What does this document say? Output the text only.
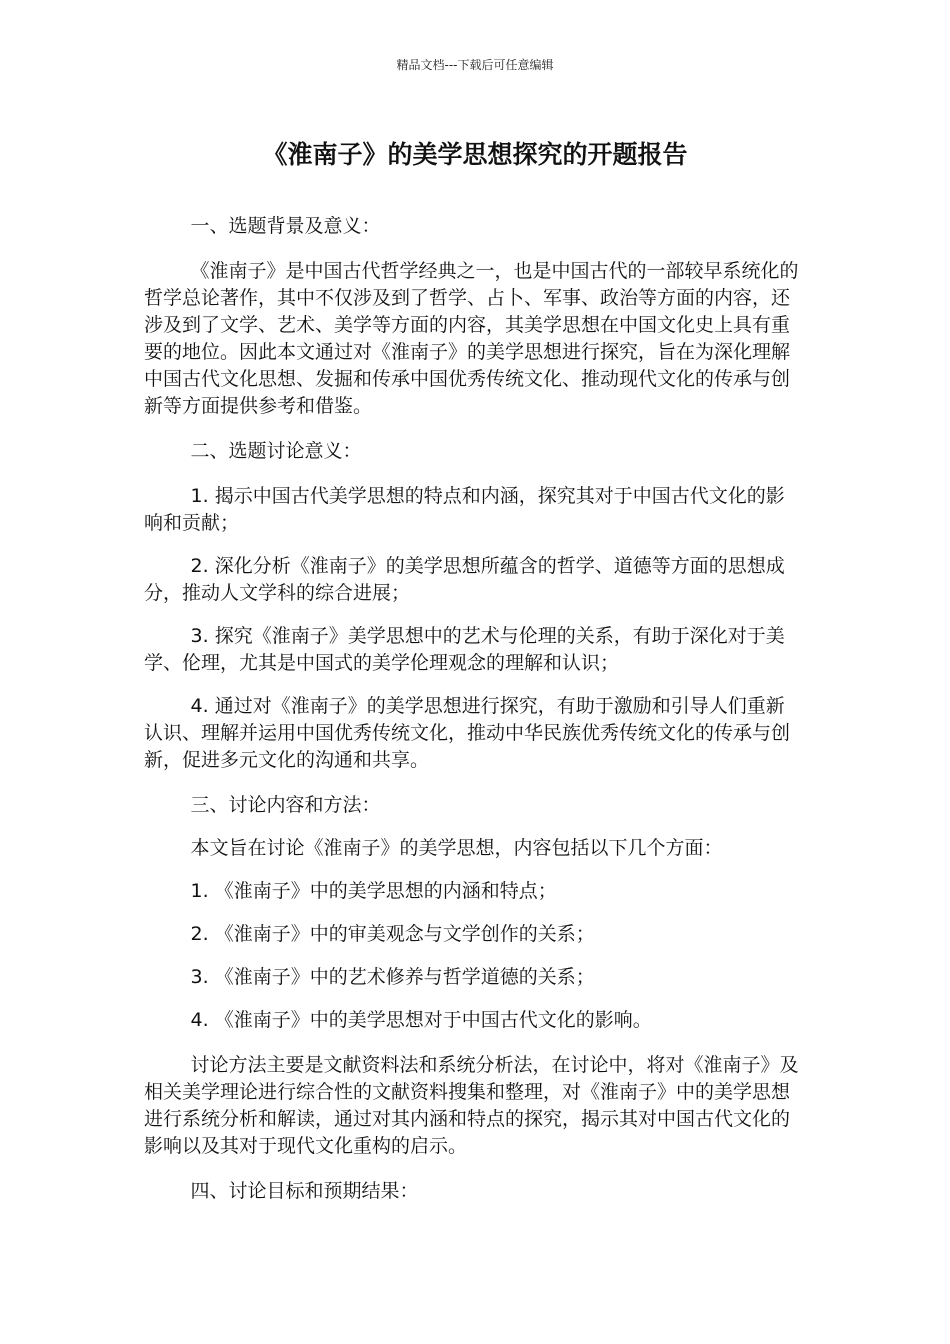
精品文档---下载后可任意编辑
《淮南子》的美学思想探究的开题报告

一、选题背景及意义：

《淮南子》是中国古代哲学经典之一，也是中国古代的一部较早系统化的哲学总论著作，其中不仅涉及到了哲学、占卜、军事、政治等方面的内容，还涉及到了文学、艺术、美学等方面的内容，其美学思想在中国文化史上具有重要的地位。因此本文通过对《淮南子》的美学思想进行探究，旨在为深化理解中国古代文化思想、发掘和传承中国优秀传统文化、推动现代文化的传承与创新等方面提供参考和借鉴。

二、选题讨论意义：

1. 揭示中国古代美学思想的特点和内涵，探究其对于中国古代文化的影响和贡献；

2. 深化分析《淮南子》的美学思想所蕴含的哲学、道德等方面的思想成分，推动人文学科的综合进展；

3. 探究《淮南子》美学思想中的艺术与伦理的关系，有助于深化对于美学、伦理，尤其是中国式的美学伦理观念的理解和认识；

4. 通过对《淮南子》的美学思想进行探究，有助于激励和引导人们重新认识、理解并运用中国优秀传统文化，推动中华民族优秀传统文化的传承与创新，促进多元文化的沟通和共享。

三、讨论内容和方法：

本文旨在讨论《淮南子》的美学思想，内容包括以下几个方面：

1. 《淮南子》中的美学思想的内涵和特点；

2. 《淮南子》中的审美观念与文学创作的关系；

3. 《淮南子》中的艺术修养与哲学道德的关系；

4. 《淮南子》中的美学思想对于中国古代文化的影响。

讨论方法主要是文献资料法和系统分析法，在讨论中，将对《淮南子》及相关美学理论进行综合性的文献资料搜集和整理，对《淮南子》中的美学思想进行系统分析和解读，通过对其内涵和特点的探究，揭示其对中国古代文化的影响以及其对于现代文化重构的启示。

四、讨论目标和预期结果：
